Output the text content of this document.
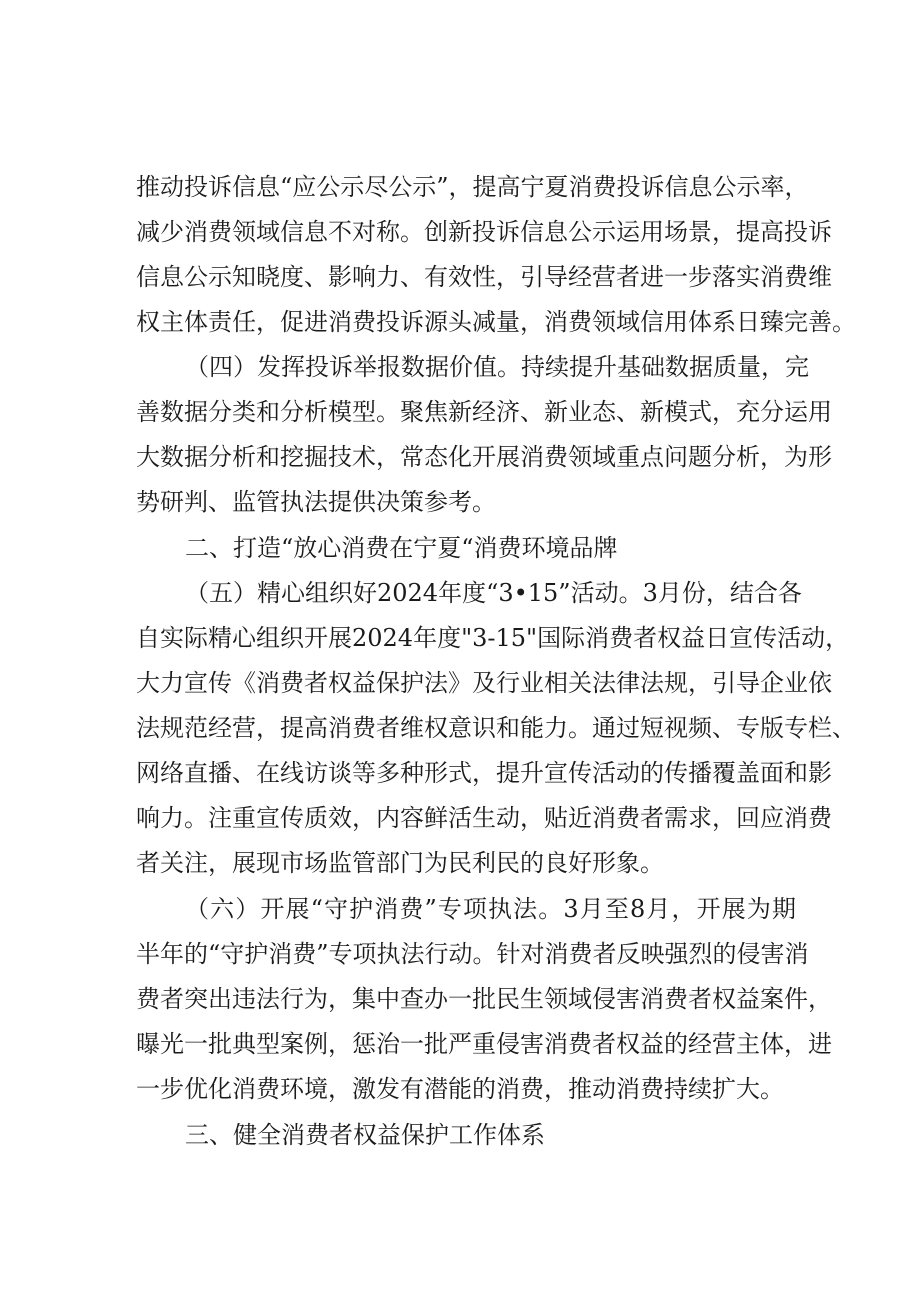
推动投诉信息“应公示尽公示”，提高宁夏消费投诉信息公示率，
减少消费领域信息不对称。创新投诉信息公示运用场景，提高投诉
信息公示知晓度、影响力、有效性，引导经营者进一步落实消费维
权主体责任，促进消费投诉源头减量，消费领域信用体系日臻完善。
（四）发挥投诉举报数据价值。持续提升基础数据质量，完
善数据分类和分析模型。聚焦新经济、新业态、新模式，充分运用
大数据分析和挖掘技术，常态化开展消费领域重点问题分析，为形
势研判、监管执法提供决策参考。
二、打造“放心消费在宁夏“消费环境品牌
（五）精心组织好2024年度“3•15”活动。3月份，结合各
自实际精心组织开展2024年度"3-15"国际消费者权益日宣传活动，
大力宣传《消费者权益保护法》及行业相关法律法规，引导企业依
法规范经营，提高消费者维权意识和能力。通过短视频、专版专栏、
网络直播、在线访谈等多种形式，提升宣传活动的传播覆盖面和影
响力。注重宣传质效，内容鲜活生动，贴近消费者需求，回应消费
者关注，展现市场监管部门为民利民的良好形象。
（六）开展“守护消费”专项执法。3月至8月，开展为期
半年的“守护消费”专项执法行动。针对消费者反映强烈的侵害消
费者突出违法行为，集中查办一批民生领域侵害消费者权益案件，
曝光一批典型案例，惩治一批严重侵害消费者权益的经营主体，进
一步优化消费环境，激发有潜能的消费，推动消费持续扩大。
三、健全消费者权益保护工作体系
